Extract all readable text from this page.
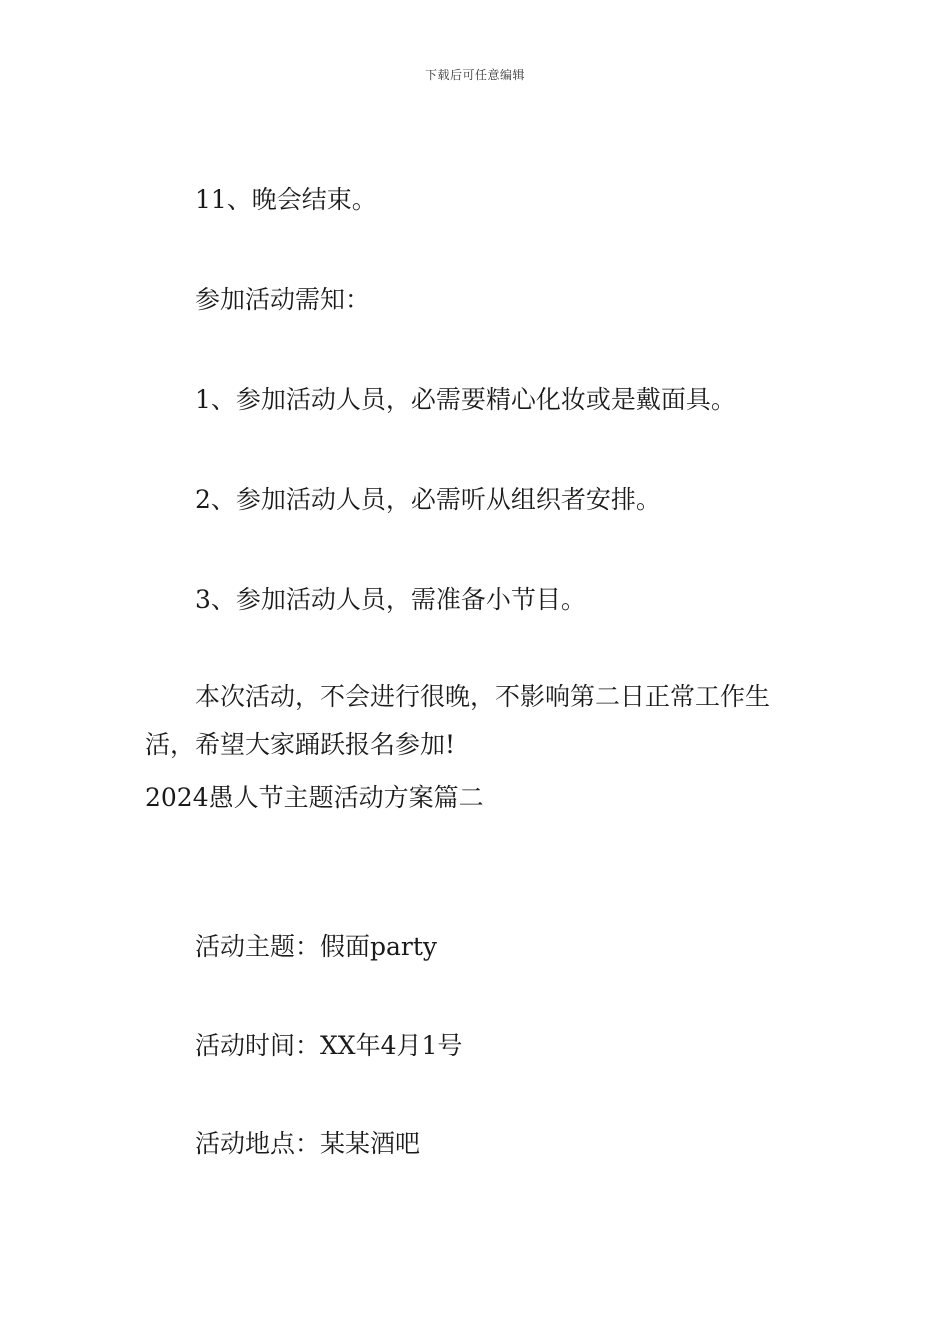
下载后可任意编辑

11、晚会结束。

参加活动需知：

1、参加活动人员，必需要精心化妆或是戴面具。

2、参加活动人员，必需听从组织者安排。

3、参加活动人员，需准备小节目。

本次活动，不会进行很晚，不影响第二日正常工作生活，希望大家踊跃报名参加!

2024愚人节主题活动方案篇二

活动主题：假面party

活动时间：XX年4月1号

活动地点：某某酒吧
